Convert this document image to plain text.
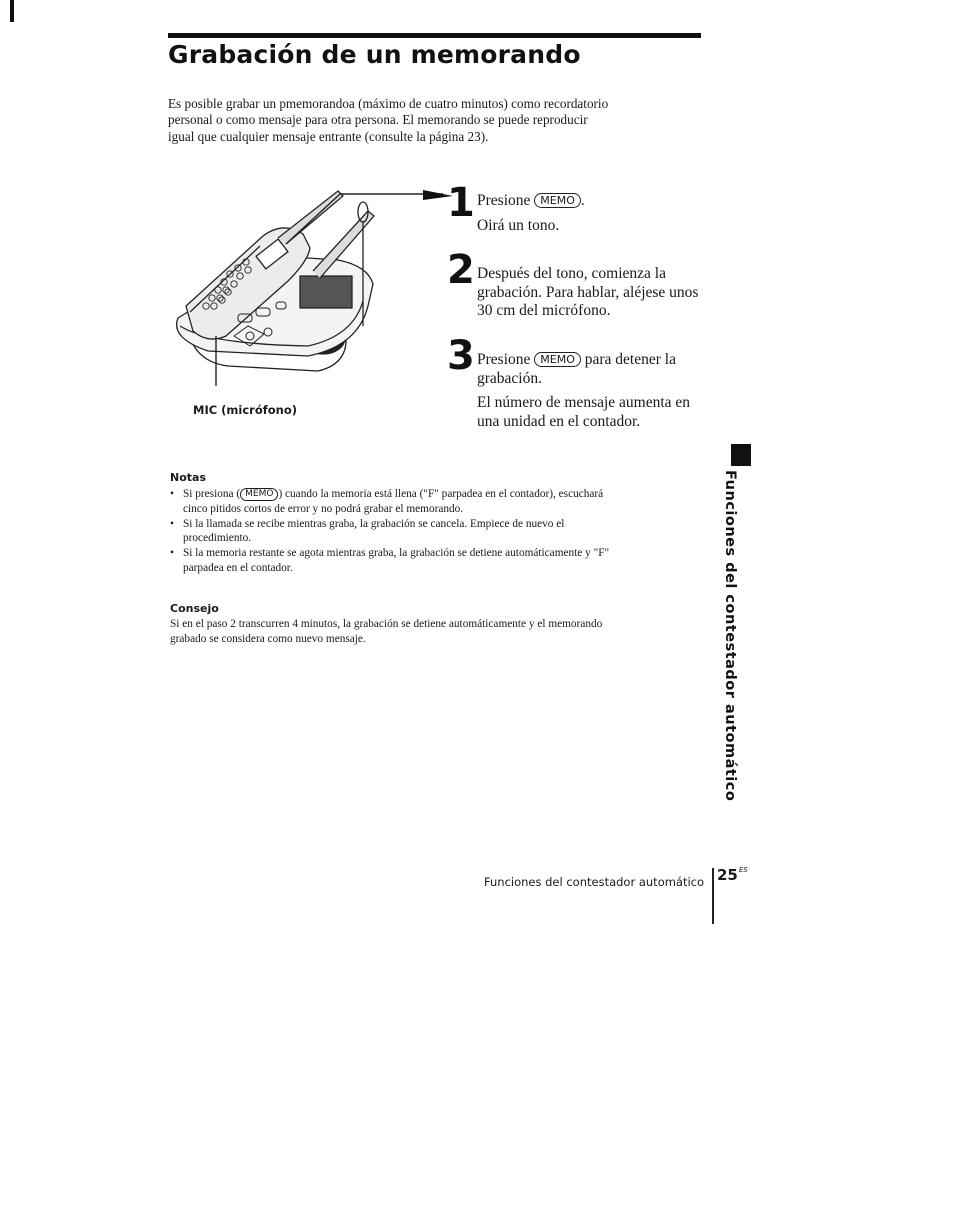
Grabación de un memorando

Es posible grabar un pmemorandoa (máximo de cuatro minutos) como recordatorio personal o como mensaje para otra persona. El memorando se puede reproducir igual que cualquier mensaje entrante (consulte la página 23).

MIC (micrófono)
1 Presione MEMO .
Oirá un tono.
2 Después del tono, comienza la grabación. Para hablar, aléjese unos 30 cm del micrófono.
3 Presione MEMO para detener la grabación.
El número de mensaje aumenta en una unidad en el contador.
Notas
• Si presiona ( MEMO ) cuando la memoria está llena ("F" parpadea en el contador), escuchará cinco pitidos cortos de error y no podrá grabar el memorando.
• Si la llamada se recibe mientras graba, la grabación se cancela. Empiece de nuevo el procedimiento.
• Si la memoria restante se agota mientras graba, la grabación se detiene automáticamente y "F" parpadea en el contador.
Consejo

Si en el paso 2 transcurren 4 minutos, la grabación se detiene automáticamente y el memorando grabado se considera como nuevo mensaje.	Funciones del contestador automático
Funciones del contestador automático $25^{ES}$
